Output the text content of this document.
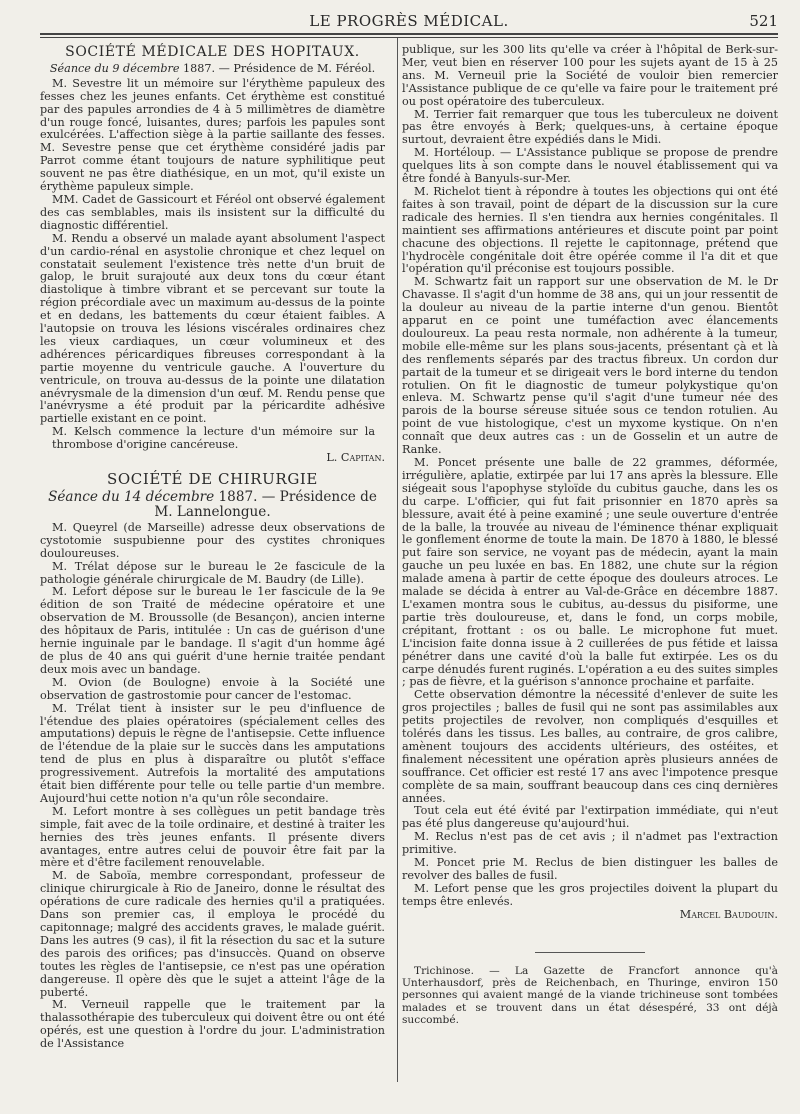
LE PROGRÈS MÉDICAL.	521
SOCIÉTÉ MÉDICALE DES HOPITAUX.
Séance du 9 décembre 1887. — Présidence de M. Féréol.

M. Sevestre lit un mémoire sur l'érythème papuleux des fesses chez les jeunes enfants. Cet érythème est constitué par des papules arrondies de 4 à 5 millimètres de diamètre d'un rouge foncé, luisantes, dures; parfois les papules sont exulcérées. L'affection siège à la partie saillante des fesses. M. Sevestre pense que cet érythème considéré jadis par Parrot comme étant toujours de nature syphilitique peut souvent ne pas être diathésique, en un mot, qu'il existe un érythème papuleux simple.

MM. Cadet de Gassicourt et Féréol ont observé également des cas semblables, mais ils insistent sur la difficulté du diagnostic différentiel.

M. Rendu a observé un malade ayant absolument l'aspect d'un cardio-rénal en asystolie chronique et chez lequel on constatait seulement l'existence très nette d'un bruit de galop, le bruit surajouté aux deux tons du cœur étant diastolique à timbre vibrant et se percevant sur toute la région précordiale avec un maximum au-dessus de la pointe et en dedans, les battements du cœur étaient faibles. A l'autopsie on trouva les lésions viscérales ordinaires chez les vieux cardiaques, un cœur volumineux et des adhérences péricardiques fibreuses correspondant à la partie moyenne du ventricule gauche. A l'ouverture du ventricule, on trouva au-dessus de la pointe une dilatation anévrysmale de la dimension d'un œuf. M. Rendu pense que l'anévrysme a été produit par la péricardite adhésive partielle existant en ce point.

M. Kelsch commence la lecture d'un mémoire sur la thrombose d'origine cancéreuse.
L. Capitan.
SOCIÉTÉ DE CHIRURGIE
Séance du 14 décembre 1887. — Présidence de M. Lannelongue.

M. Queyrel (de Marseille) adresse deux observations de cystotomie suspubienne pour des cystites chroniques douloureuses.

M. Trélat dépose sur le bureau le 2e fascicule de la pathologie générale chirurgicale de M. Baudry (de Lille).

M. Lefort dépose sur le bureau le 1er fascicule de la 9e édition de son Traité de médecine opératoire et une observation de M. Broussolle (de Besançon), ancien interne des hôpitaux de Paris, intitulée : Un cas de guérison d'une hernie inguinale par le bandage. Il s'agit d'un homme âgé de plus de 40 ans qui guérit d'une hernie traitée pendant deux mois avec un bandage.

M. Ovion (de Boulogne) envoie à la Société une observation de gastrostomie pour cancer de l'estomac.

M. Trélat tient à insister sur le peu d'influence de l'étendue des plaies opératoires (spécialement celles des amputations) depuis le règne de l'antisepsie. Cette influence de l'étendue de la plaie sur le succès dans les amputations tend de plus en plus à disparaître ou plutôt s'efface progressivement. Autrefois la mortalité des amputations était bien différente pour telle ou telle partie d'un membre. Aujourd'hui cette notion n'a qu'un rôle secondaire.

M. Lefort montre à ses collègues un petit bandage très simple, fait avec de la toile ordinaire, et destiné à traiter les hernies des très jeunes enfants. Il présente divers avantages, entre autres celui de pouvoir être fait par la mère et d'être facilement renouvelable.

M. de Saboïa, membre correspondant, professeur de clinique chirurgicale à Rio de Janeiro, donne le résultat des opérations de cure radicale des hernies qu'il a pratiquées. Dans son premier cas, il employa le procédé du capitonnage; malgré des accidents graves, le malade guérit. Dans les autres (9 cas), il fit la résection du sac et la suture des parois des orifices; pas d'insuccès. Quand on observe toutes les règles de l'antisepsie, ce n'est pas une opération dangereuse. Il opère dès que le sujet a atteint l'âge de la puberté.

M. Verneuil rappelle que le traitement par la thalassothérapie des tuberculeux qui doivent être ou ont été opérés, est une question à l'ordre du jour. L'administration de l'Assistance

publique, sur les 300 lits qu'elle va créer à l'hôpital de Berk-sur-Mer, veut bien en réserver 100 pour les sujets ayant de 15 à 25 ans. M. Verneuil prie la Société de vouloir bien remercier l'Assistance publique de ce qu'elle va faire pour le traitement pré ou post opératoire des tuberculeux.

M. Terrier fait remarquer que tous les tuberculeux ne doivent pas être envoyés à Berk; quelques-uns, à certaine époque surtout, devraient être expédiés dans le Midi.

M. Hortéloup. — L'Assistance publique se propose de prendre quelques lits à son compte dans le nouvel établissement qui va être fondé à Banyuls-sur-Mer.

M. Richelot tient à répondre à toutes les objections qui ont été faites à son travail, point de départ de la discussion sur la cure radicale des hernies. Il s'en tiendra aux hernies congénitales. Il maintient ses affirmations antérieures et discute point par point chacune des objections. Il rejette le capitonnage, prétend que l'hydrocèle congénitale doit être opérée comme il l'a dit et que l'opération qu'il préconise est toujours possible.

M. Schwartz fait un rapport sur une observation de M. le Dr Chavasse. Il s'agit d'un homme de 38 ans, qui un jour ressentit de la douleur au niveau de la partie interne d'un genou. Bientôt apparut en ce point une tuméfaction avec élancements douloureux. La peau resta normale, non adhérente à la tumeur, mobile elle-même sur les plans sous-jacents, présentant çà et là des renflements séparés par des tractus fibreux. Un cordon dur partait de la tumeur et se dirigeait vers le bord interne du tendon rotulien. On fit le diagnostic de tumeur polykystique qu'on enleva. M. Schwartz pense qu'il s'agit d'une tumeur née des parois de la bourse séreuse située sous ce tendon rotulien. Au point de vue histologique, c'est un myxome kystique. On n'en connaît que deux autres cas : un de Gosselin et un autre de Ranke.

M. Poncet présente une balle de 22 grammes, déformée, irrégulière, aplatie, extirpée par lui 17 ans après la blessure. Elle siégeait sous l'apophyse styloïde du cubitus gauche, dans les os du carpe. L'officier, qui fut fait prisonnier en 1870 après sa blessure, avait été à peine examiné ; une seule ouverture d'entrée de la balle, la trouvée au niveau de l'éminence thénar expliquait le gonflement énorme de toute la main. De 1870 à 1880, le blessé put faire son service, ne voyant pas de médecin, ayant la main gauche un peu luxée en bas. En 1882, une chute sur la région malade amena à partir de cette époque des douleurs atroces. Le malade se décida à entrer au Val-de-Grâce en décembre 1887. L'examen montra sous le cubitus, au-dessus du pisiforme, une partie très douloureuse, et, dans le fond, un corps mobile, crépitant, frottant : os ou balle. Le microphone fut muet. L'incision faite donna issue à 2 cuillerées de pus fétide et laissa pénétrer dans une cavité d'où la balle fut extirpée. Les os du carpe dénudés furent ruginés. L'opération a eu des suites simples ; pas de fièvre, et la guérison s'annonce prochaine et parfaite.

Cette observation démontre la nécessité d'enlever de suite les gros projectiles ; balles de fusil qui ne sont pas assimilables aux petits projectiles de revolver, non compliqués d'esquilles et tolérés dans les tissus. Les balles, au contraire, de gros calibre, amènent toujours des accidents ultérieurs, des ostéites, et finalement nécessitent une opération après plusieurs années de souffrance. Cet officier est resté 17 ans avec l'impotence presque complète de sa main, souffrant beaucoup dans ces cinq dernières années.

Tout cela eut été évité par l'extirpation immédiate, qui n'eut pas été plus dangereuse qu'aujourd'hui.

M. Reclus n'est pas de cet avis ; il n'admet pas l'extraction primitive.

M. Poncet prie M. Reclus de bien distinguer les balles de revolver des balles de fusil.

M. Lefort pense que les gros projectiles doivent la plupart du temps être enlevés.

Marcel Baudouin.

Trichinose. — La Gazette de Francfort annonce qu'à Unterhausdorf, près de Reichenbach, en Thuringe, environ 150 personnes qui avaient mangé de la viande trichineuse sont tombées malades et se trouvent dans un état désespéré, 33 ont déjà succombé.
